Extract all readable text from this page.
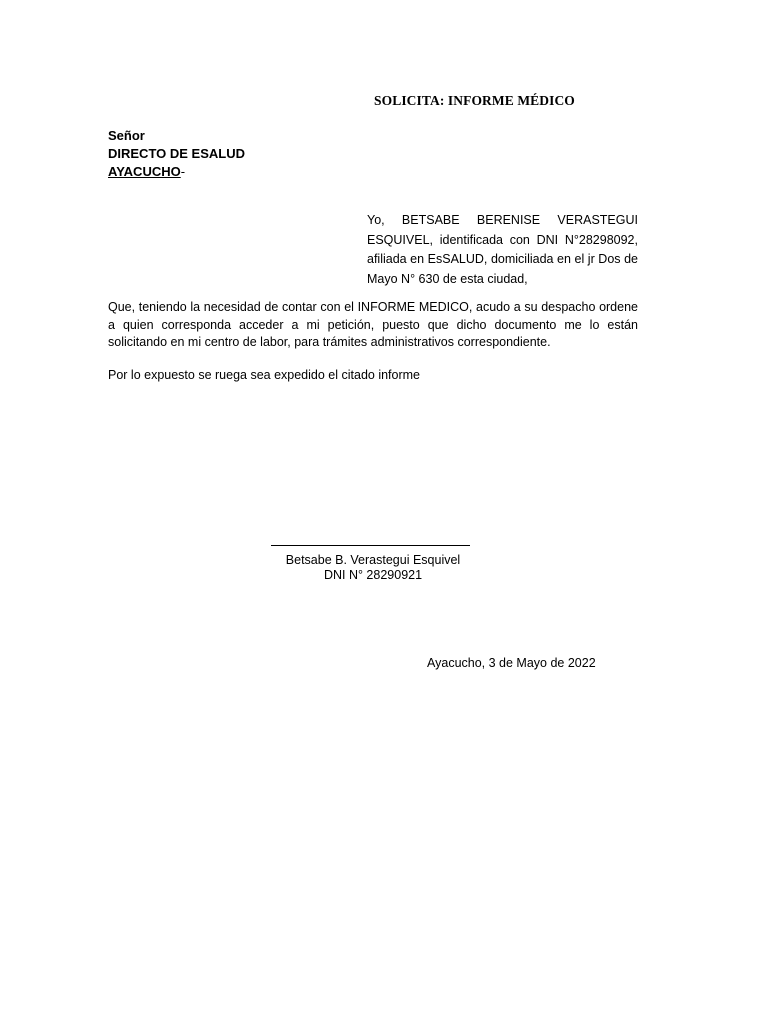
SOLICITA: INFORME MÉDICO
Señor
DIRECTO DE ESALUD
AYACUCHO-

Yo, BETSABE BERENISE VERASTEGUI ESQUIVEL, identificada con DNI N°28298092, afiliada en EsSALUD, domiciliada en el jr Dos de Mayo N° 630 de esta ciudad,

Que, teniendo la necesidad de contar con el INFORME MEDICO, acudo a su despacho ordene a quien corresponda acceder a mi petición, puesto que dicho documento me lo están solicitando en mi centro de labor, para trámites administrativos correspondiente.

Por lo expuesto se ruega sea expedido el citado informe
Betsabe B. Verastegui Esquivel
DNI N° 28290921
Ayacucho, 3 de Mayo de 2022
